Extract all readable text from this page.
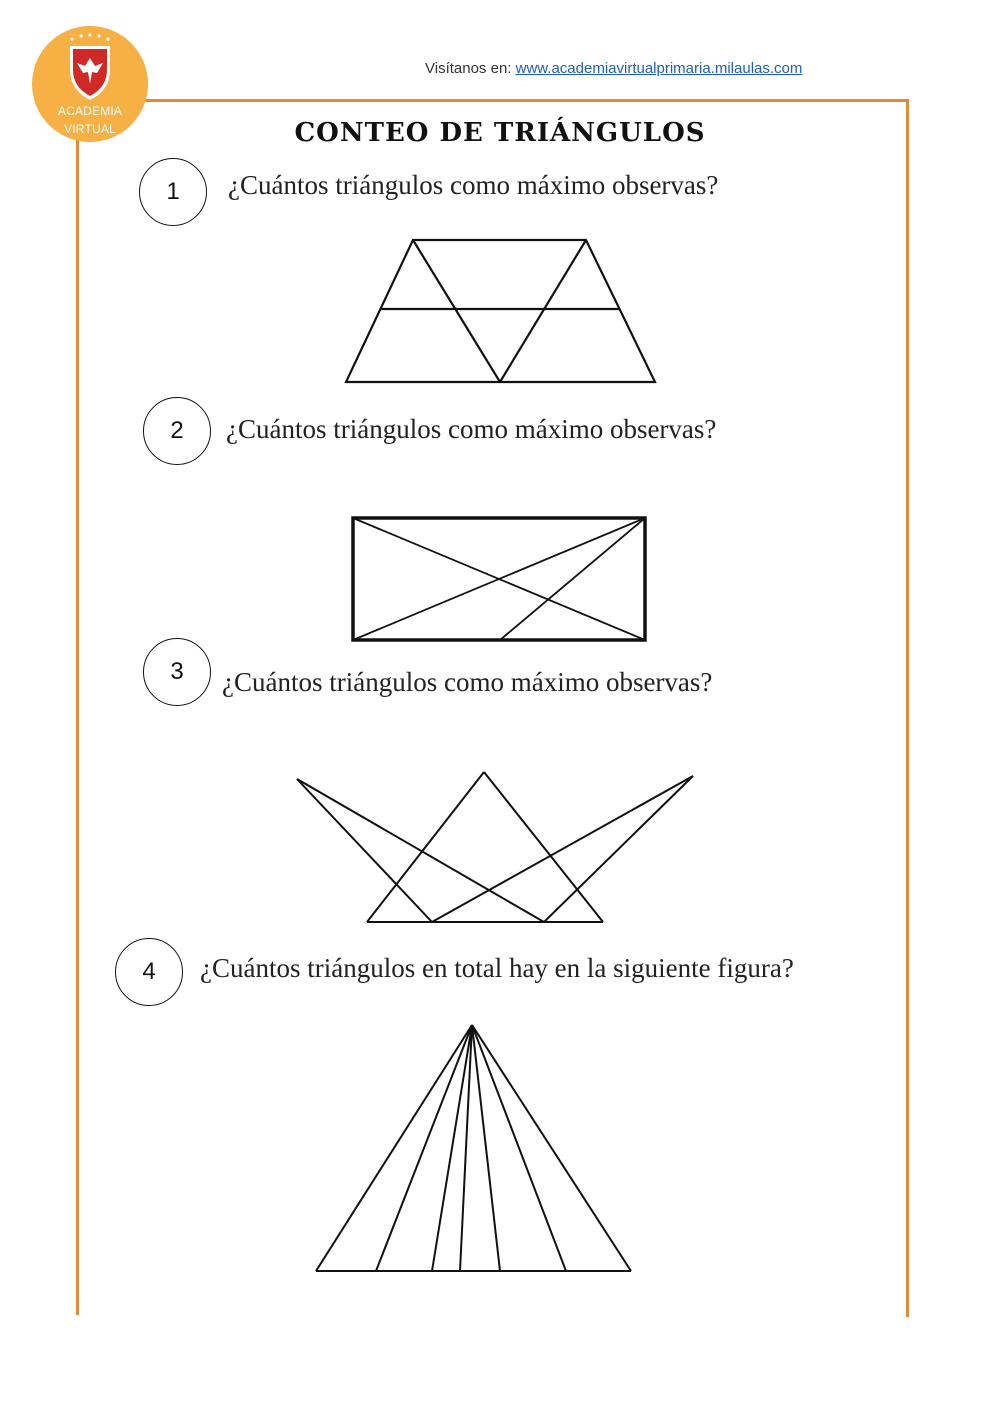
ACADEMIA
VIRTUAL
Visítanos en: www.academiavirtualprimaria.milaulas.com
CONTEO DE TRIÁNGULOS
1	¿Cuántos triángulos como máximo observas?
2	¿Cuántos triángulos como máximo observas?
3	¿Cuántos triángulos como máximo observas?
4	¿Cuántos triángulos en total hay en la siguiente figura?
